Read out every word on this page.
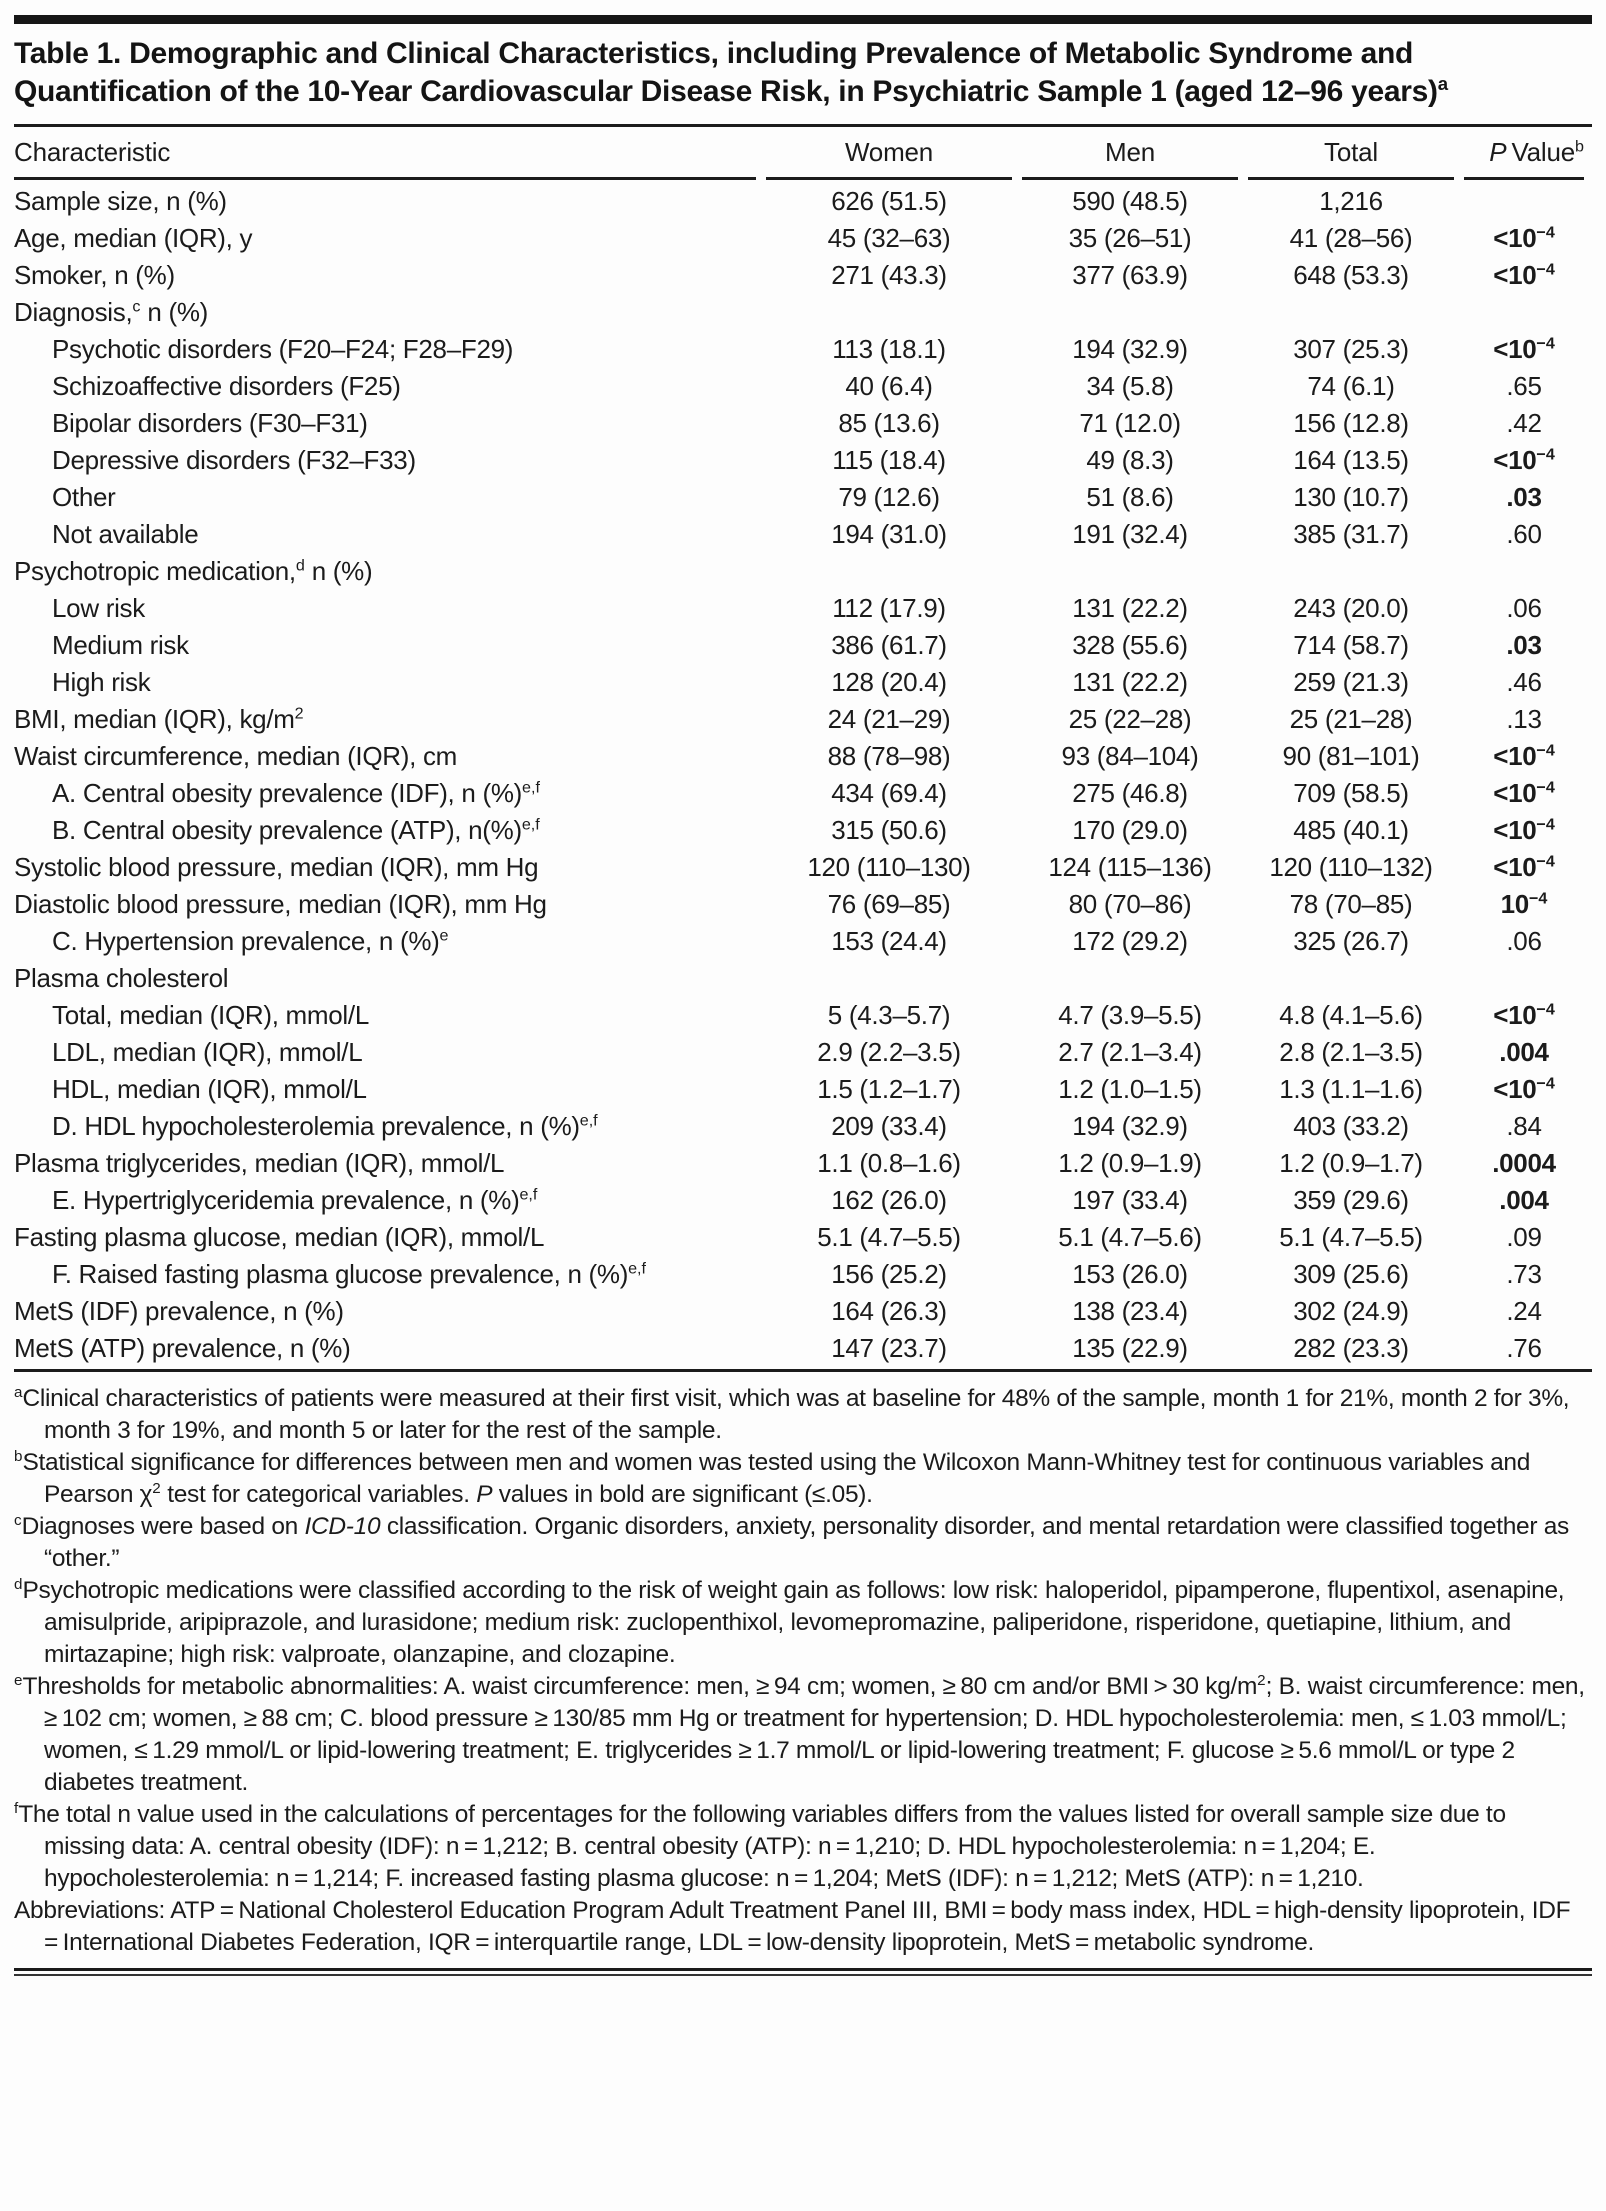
Table 1. Demographic and Clinical Characteristics, including Prevalence of Metabolic Syndrome and Quantification of the 10-Year Cardiovascular Disease Risk, in Psychiatric Sample 1 (aged 12–96 years)$^a$
Characteristic	Women	Men	Total	P Value$^b$
Sample size, n (%)	626 (51.5)	590 (48.5)	1,216
Age, median (IQR), y	45 (32–63)	35 (26–51)	41 (28–56)	$<10^{-4}$
Smoker, n (%)	271 (43.3)	377 (63.9)	648 (53.3)	$<10^{-4}$
Diagnosis,$^c$ n (%)
Psychotic disorders (F20–F24; F28–F29)	113 (18.1)	194 (32.9)	307 (25.3)	$<10^{-4}$
Schizoaffective disorders (F25)	40 (6.4)	34 (5.8)	74 (6.1)	.65
Bipolar disorders (F30–F31)	85 (13.6)	71 (12.0)	156 (12.8)	.42
Depressive disorders (F32–F33)	115 (18.4)	49 (8.3)	164 (13.5)	$<10^{-4}$
Other	79 (12.6)	51 (8.6)	130 (10.7)	.03
Not available	194 (31.0)	191 (32.4)	385 (31.7)	.60
Psychotropic medication,$^d$ n (%)
Low risk	112 (17.9)	131 (22.2)	243 (20.0)	.06
Medium risk	386 (61.7)	328 (55.6)	714 (58.7)	.03
High risk	128 (20.4)	131 (22.2)	259 (21.3)	.46
BMI, median (IQR), $kg/m^2$	24 (21–29)	25 (22–28)	25 (21–28)	.13
Waist circumference, median (IQR), cm	88 (78–98)	93 (84–104)	90 (81–101)	$<10^{-4}$
A. Central obesity prevalence (IDF), n (%)$^{e,f}$	434 (69.4)	275 (46.8)	709 (58.5)	$<10^{-4}$
B. Central obesity prevalence (ATP), n(%)$^{e,f}$	315 (50.6)	170 (29.0)	485 (40.1)	$<10^{-4}$
Systolic blood pressure, median (IQR), mm Hg	120 (110–130)	124 (115–136)	120 (110–132)	$<10^{-4}$
Diastolic blood pressure, median (IQR), mm Hg	76 (69–85)	80 (70–86)	78 (70–85)	$10^{-4}$
C. Hypertension prevalence, n (%)$^e$	153 (24.4)	172 (29.2)	325 (26.7)	.06
Plasma cholesterol
Total, median (IQR), mmol/L	5 (4.3–5.7)	4.7 (3.9–5.5)	4.8 (4.1–5.6)	$<10^{-4}$
LDL, median (IQR), mmol/L	2.9 (2.2–3.5)	2.7 (2.1–3.4)	2.8 (2.1–3.5)	.004
HDL, median (IQR), mmol/L	1.5 (1.2–1.7)	1.2 (1.0–1.5)	1.3 (1.1–1.6)	$<10^{-4}$
D. HDL hypocholesterolemia prevalence, n (%)$^{e,f}$	209 (33.4)	194 (32.9)	403 (33.2)	.84
Plasma triglycerides, median (IQR), mmol/L	1.1 (0.8–1.6)	1.2 (0.9–1.9)	1.2 (0.9–1.7)	.0004
E. Hypertriglyceridemia prevalence, n (%)$^{e,f}$	162 (26.0)	197 (33.4)	359 (29.6)	.004
Fasting plasma glucose, median (IQR), mmol/L	5.1 (4.7–5.5)	5.1 (4.7–5.6)	5.1 (4.7–5.5)	.09
F. Raised fasting plasma glucose prevalence, n (%)$^{e,f}$	156 (25.2)	153 (26.0)	309 (25.6)	.73
MetS (IDF) prevalence, n (%)	164 (26.3)	138 (23.4)	302 (24.9)	.24
MetS (ATP) prevalence, n (%)	147 (23.7)	135 (22.9)	282 (23.3)	.76

$^a$Clinical characteristics of patients were measured at their first visit, which was at baseline for 48% of the sample, month 1 for 21%, month 2 for 3%, month 3 for 19%, and month 5 or later for the rest of the sample.

$^b$Statistical significance for differences between men and women was tested using the Wilcoxon Mann-Whitney test for continuous variables and Pearson $\chi^2$ test for categorical variables. P values in bold are significant (≤.05).

$^c$Diagnoses were based on ICD-10 classification. Organic disorders, anxiety, personality disorder, and mental retardation were classified together as “other.”

$^d$Psychotropic medications were classified according to the risk of weight gain as follows: low risk: haloperidol, pipamperone, flupentixol, asenapine, amisulpride, aripiprazole, and lurasidone; medium risk: zuclopenthixol, levomepromazine, paliperidone, risperidone, quetiapine, lithium, and mirtazapine; high risk: valproate, olanzapine, and clozapine.

$^e$Thresholds for metabolic abnormalities: A. waist circumference: men, ≥ 94 cm; women, ≥ 80 cm and/or BMI > 30 $kg/m^2$; B. waist circumference: men, ≥ 102 cm; women, ≥ 88 cm; C. blood pressure ≥ 130/85 mm Hg or treatment for hypertension; D. HDL hypocholesterolemia: men, ≤ 1.03 mmol/L; women, ≤ 1.29 mmol/L or lipid-lowering treatment; E. triglycerides ≥ 1.7 mmol/L or lipid-lowering treatment; F. glucose ≥ 5.6 mmol/L or type 2 diabetes treatment.

$^f$The total n value used in the calculations of percentages for the following variables differs from the values listed for overall sample size due to missing data: A. central obesity (IDF): n = 1,212; B. central obesity (ATP): n = 1,210; D. HDL hypocholesterolemia: n = 1,204; E. hypocholesterolemia: n = 1,214; F. increased fasting plasma glucose: n = 1,204; MetS (IDF): n = 1,212; MetS (ATP): n = 1,210.

Abbreviations: ATP = National Cholesterol Education Program Adult Treatment Panel III, BMI = body mass index, HDL = high-density lipoprotein, IDF = International Diabetes Federation, IQR = interquartile range, LDL = low-density lipoprotein, MetS = metabolic syndrome.
